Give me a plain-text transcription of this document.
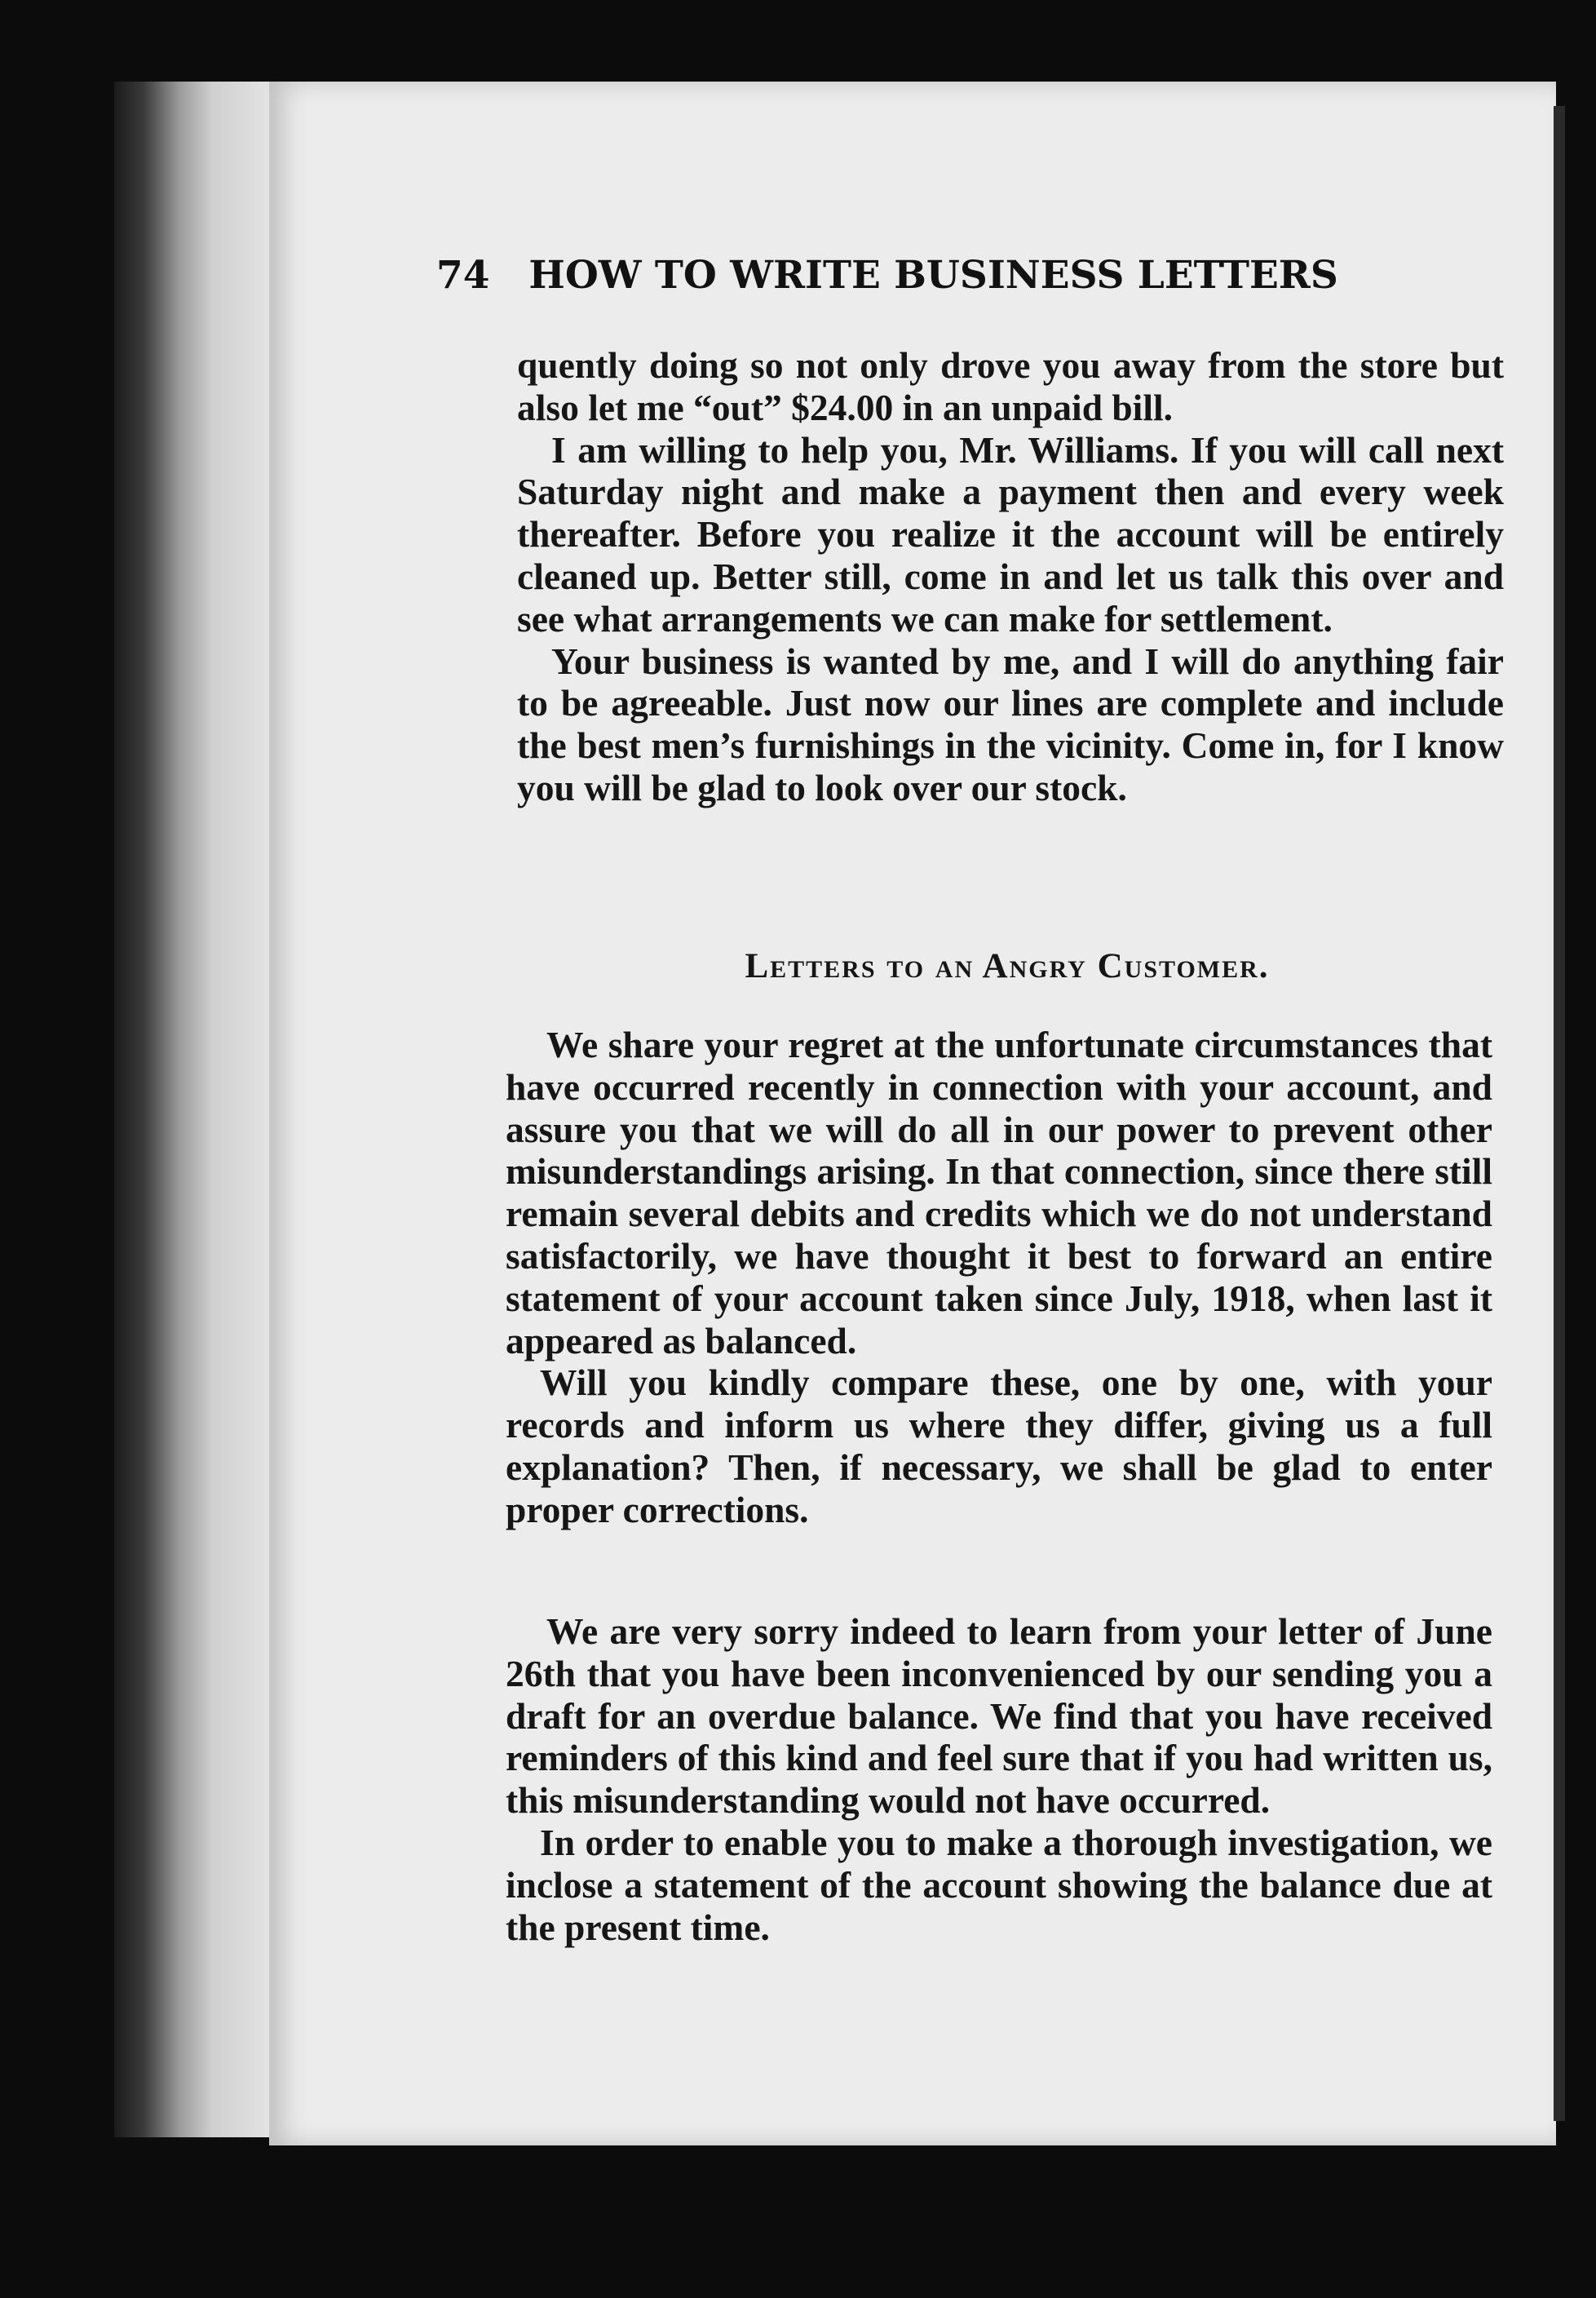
74 HOW TO WRITE BUSINESS LETTERS

quently doing so not only drove you away from the store but also let me “out” $24.00 in an unpaid bill.

I am willing to help you, Mr. Williams. If you will call next Saturday night and make a payment then and every week thereafter. Before you realize it the account will be entirely cleaned up. Better still, come in and let us talk this over and see what arrangements we can make for settlement.

Your business is wanted by me, and I will do anything fair to be agreeable. Just now our lines are complete and include the best men’s furnishings in the vicinity. Come in, for I know you will be glad to look over our stock.

Letters to an Angry Customer.

We share your regret at the unfortunate circumstances that have occurred recently in connection with your account, and assure you that we will do all in our power to prevent other misunderstandings arising. In that connection, since there still remain several debits and credits which we do not understand satisfactorily, we have thought it best to forward an entire statement of your account taken since July, 1918, when last it appeared as balanced.

Will you kindly compare these, one by one, with your records and inform us where they differ, giving us a full explanation? Then, if necessary, we shall be glad to enter proper corrections.

We are very sorry indeed to learn from your letter of June 26th that you have been inconvenienced by our sending you a draft for an overdue balance. We find that you have received reminders of this kind and feel sure that if you had written us, this misunderstanding would not have occurred.

In order to enable you to make a thorough investigation, we inclose a statement of the account showing the balance due at the present time.
